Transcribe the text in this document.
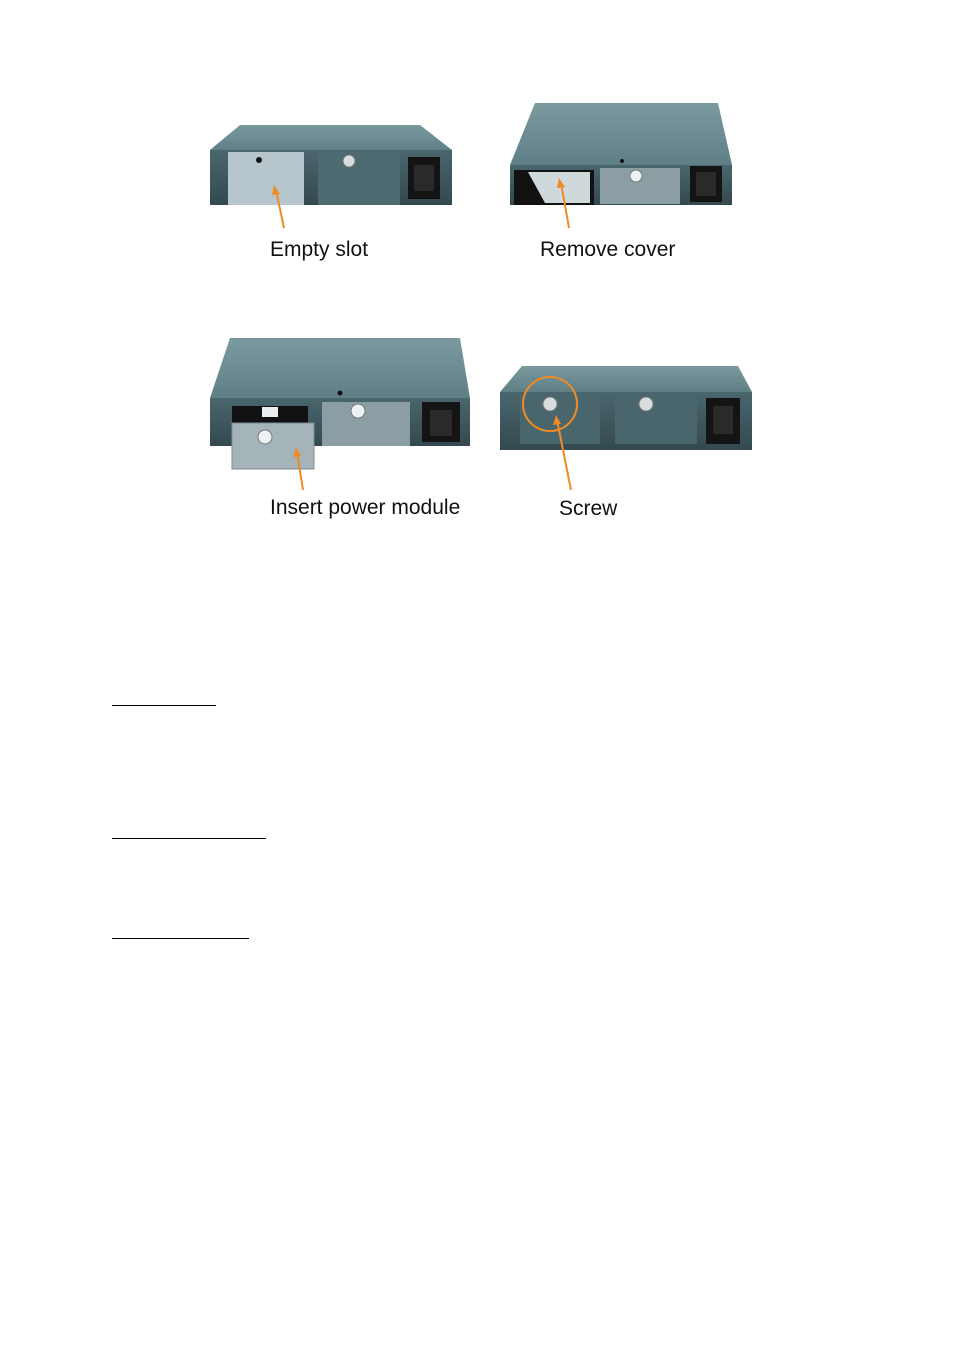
Empty slot	Remove cover
Insert power module	Screw
